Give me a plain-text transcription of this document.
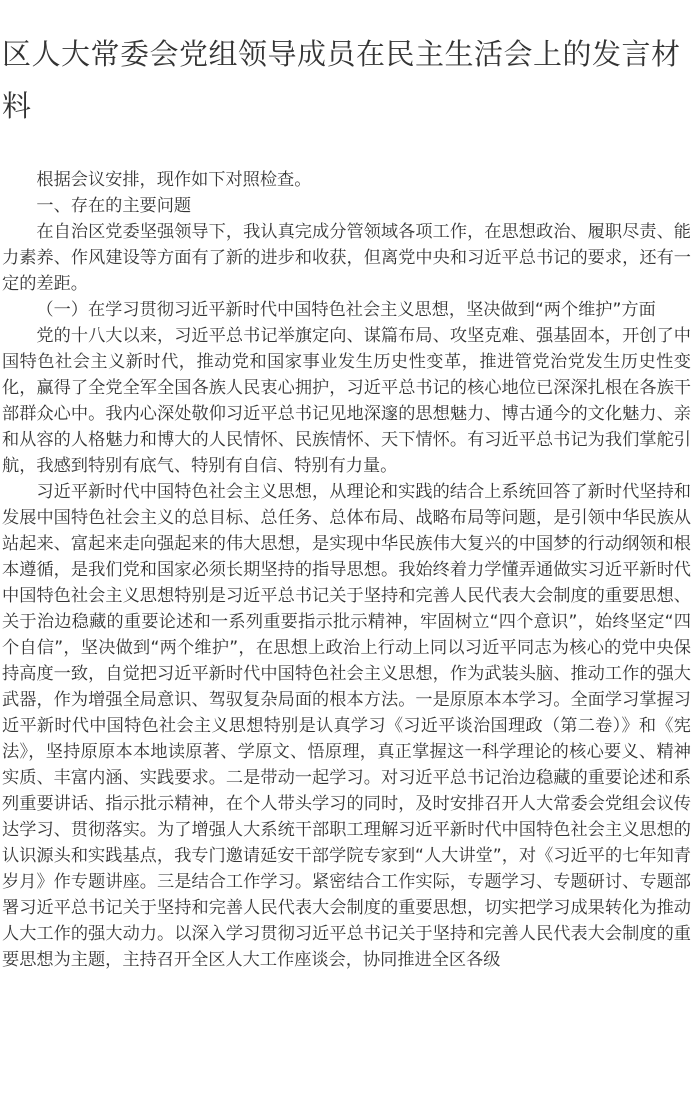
区人大常委会党组领导成员在民主生活会上的发言材料

根据会议安排，现作如下对照检查。

一、存在的主要问题

在自治区党委坚强领导下，我认真完成分管领域各项工作，在思想政治、履职尽责、能力素养、作风建设等方面有了新的进步和收获，但离党中央和习近平总书记的要求，还有一定的差距。

（一）在学习贯彻习近平新时代中国特色社会主义思想，坚决做到“两个维护”方面

党的十八大以来，习近平总书记举旗定向、谋篇布局、攻坚克难、强基固本，开创了中国特色社会主义新时代，推动党和国家事业发生历史性变革，推进管党治党发生历史性变化，赢得了全党全军全国各族人民衷心拥护，习近平总书记的核心地位已深深扎根在各族干部群众心中。我内心深处敬仰习近平总书记见地深邃的思想魅力、博古通今的文化魅力、亲和从容的人格魅力和博大的人民情怀、民族情怀、天下情怀。有习近平总书记为我们掌舵引航，我感到特别有底气、特别有自信、特别有力量。

习近平新时代中国特色社会主义思想，从理论和实践的结合上系统回答了新时代坚持和发展中国特色社会主义的总目标、总任务、总体布局、战略布局等问题，是引领中华民族从站起来、富起来走向强起来的伟大思想，是实现中华民族伟大复兴的中国梦的行动纲领和根本遵循，是我们党和国家必须长期坚持的指导思想。我始终着力学懂弄通做实习近平新时代中国特色社会主义思想特别是习近平总书记关于坚持和完善人民代表大会制度的重要思想、关于治边稳藏的重要论述和一系列重要指示批示精神，牢固树立“四个意识”，始终坚定“四个自信”，坚决做到“两个维护”，在思想上政治上行动上同以习近平同志为核心的党中央保持高度一致，自觉把习近平新时代中国特色社会主义思想，作为武装头脑、推动工作的强大武器，作为增强全局意识、驾驭复杂局面的根本方法。一是原原本本学习。全面学习掌握习近平新时代中国特色社会主义思想特别是认真学习《习近平谈治国理政（第二卷）》和《宪法》，坚持原原本本地读原著、学原文、悟原理，真正掌握这一科学理论的核心要义、精神实质、丰富内涵、实践要求。二是带动一起学习。对习近平总书记治边稳藏的重要论述和系列重要讲话、指示批示精神，在个人带头学习的同时，及时安排召开人大常委会党组会议传达学习、贯彻落实。为了增强人大系统干部职工理解习近平新时代中国特色社会主义思想的认识源头和实践基点，我专门邀请延安干部学院专家到“人大讲堂”，对《习近平的七年知青岁月》作专题讲座。三是结合工作学习。紧密结合工作实际，专题学习、专题研讨、专题部署习近平总书记关于坚持和完善人民代表大会制度的重要思想，切实把学习成果转化为推动人大工作的强大动力。以深入学习贯彻习近平总书记关于坚持和完善人民代表大会制度的重要思想为主题，主持召开全区人大工作座谈会，协同推进全区各级
